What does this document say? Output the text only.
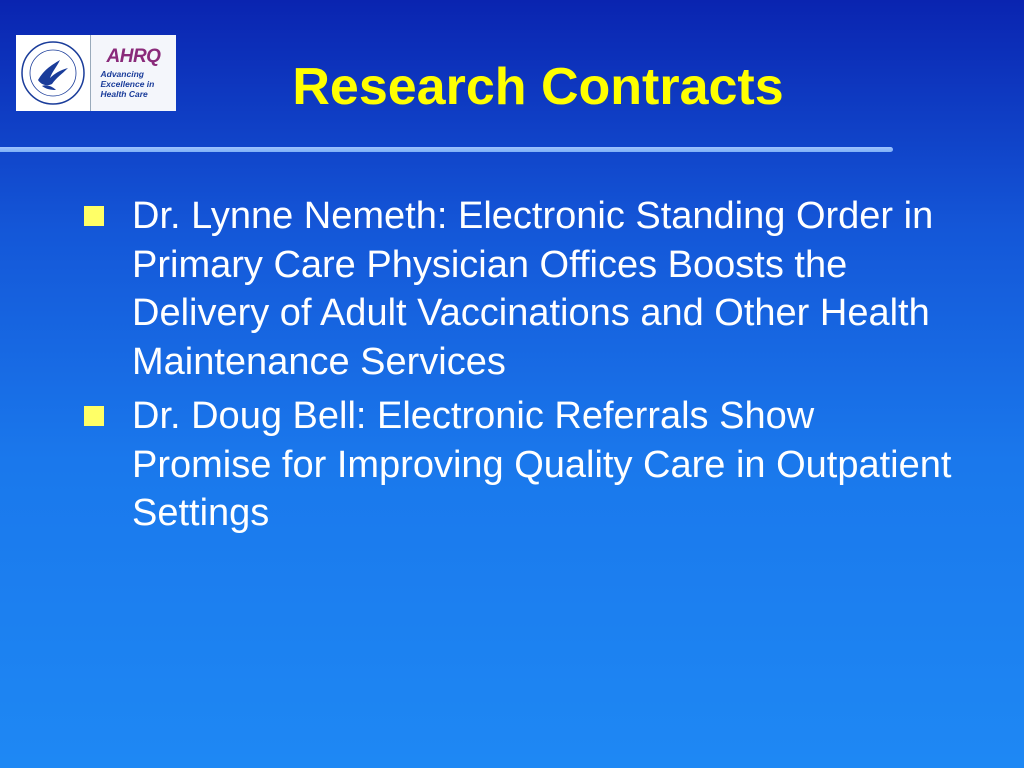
AHRQ
Advancing
Excellence in
Health Care	Research Contracts
Dr. Lynne Nemeth: Electronic Standing Order in Primary Care Physician Offices Boosts the Delivery of Adult Vaccinations and Other Health Maintenance Services
Dr. Doug Bell: Electronic Referrals Show Promise for Improving Quality Care in Outpatient Settings
